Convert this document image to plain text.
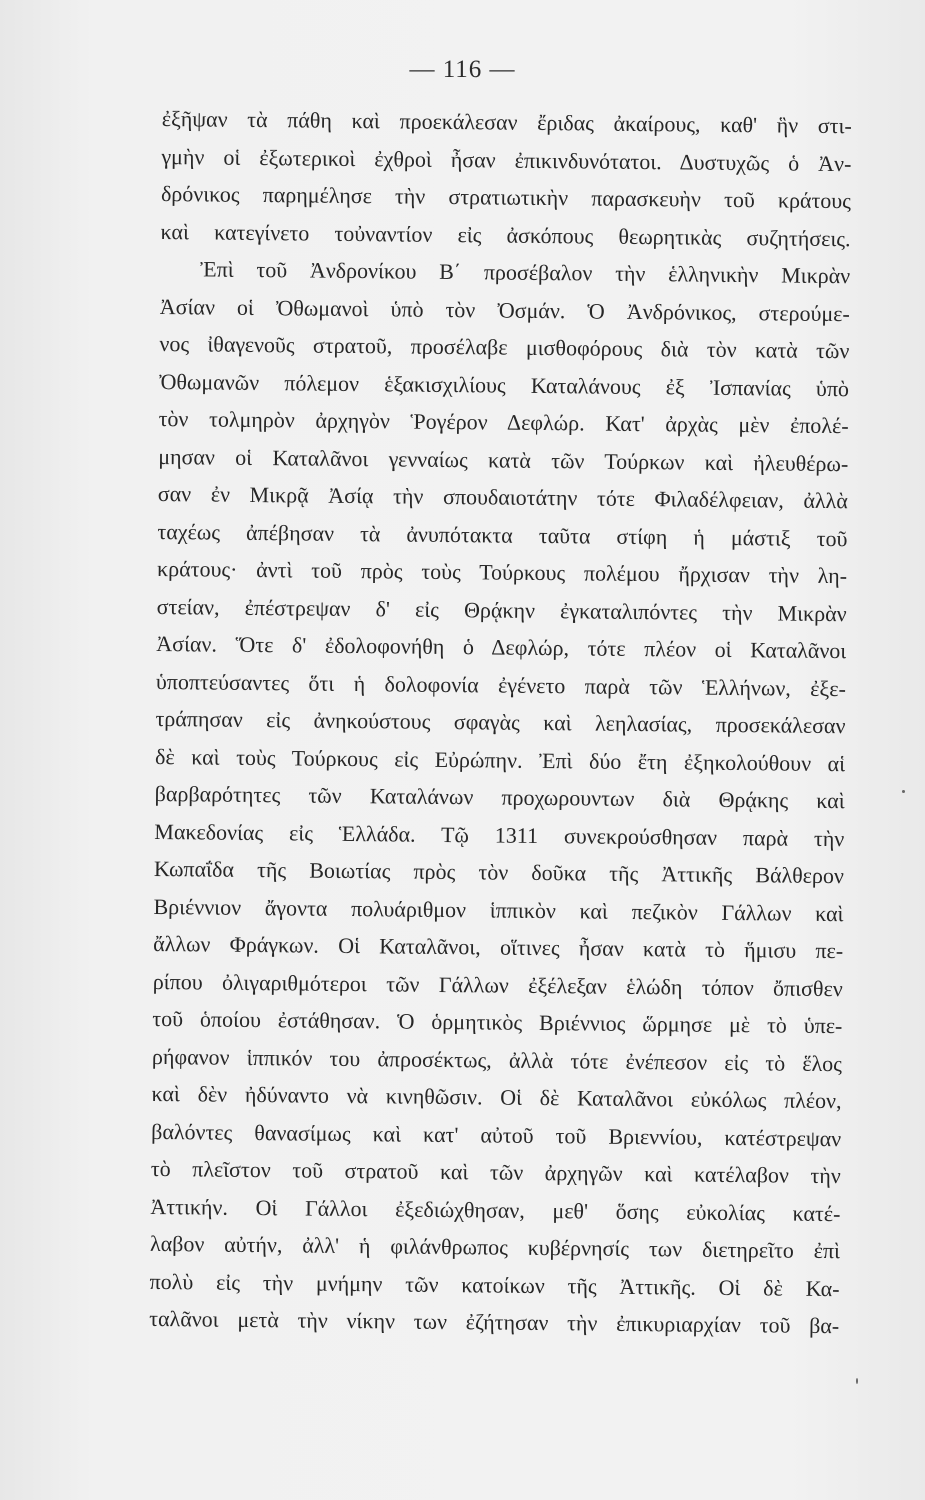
— 116 —
ἐξῆψαν τὰ πάθη καὶ προεκάλεσαν ἔριδας ἀκαίρους, καθ' ἣν στι-
γμὴν οἱ ἐξωτερικοὶ ἐχθροὶ ἦσαν ἐπικινδυνότατοι. Δυστυχῶς ὁ Ἀν-
δρόνικος παρημέλησε τὴν στρατιωτικὴν παρασκευὴν τοῦ κράτους
καὶ κατεγίνετο τοὐναντίον εἰς ἀσκόπους θεωρητικὰς συζητήσεις.
Ἐπὶ τοῦ Ἀνδρονίκου Β΄ προσέβαλον τὴν ἑλληνικὴν Μικρὰν
Ἀσίαν οἱ Ὀθωμανοὶ ὑπὸ τὸν Ὀσμάν. Ὁ Ἀνδρόνικος, στερούμε-
νος ἰθαγενοῦς στρατοῦ, προσέλαβε μισθοφόρους διὰ τὸν κατὰ τῶν
Ὀθωμανῶν πόλεμον ἑξακισχιλίους Καταλάνους ἐξ Ἰσπανίας ὑπὸ
τὸν τολμηρὸν ἀρχηγὸν Ῥογέρον Δεφλώρ. Κατ' ἀρχὰς μὲν ἐπολέ-
μησαν οἱ Καταλᾶνοι γενναίως κατὰ τῶν Τούρκων καὶ ἠλευθέρω-
σαν ἐν Μικρᾷ Ἀσίᾳ τὴν σπουδαιοτάτην τότε Φιλαδέλφειαν, ἀλλὰ
ταχέως ἀπέβησαν τὰ ἀνυπότακτα ταῦτα στίφη ἡ μάστιξ τοῦ
κράτους· ἀντὶ τοῦ πρὸς τοὺς Τούρκους πολέμου ἤρχισαν τὴν λη-
στείαν, ἐπέστρεψαν δ' εἰς Θρᾴκην ἐγκαταλιπόντες τὴν Μικρὰν
Ἀσίαν. Ὅτε δ' ἐδολοφονήθη ὁ Δεφλώρ, τότε πλέον οἱ Καταλᾶνοι
ὑποπτεύσαντες ὅτι ἡ δολοφονία ἐγένετο παρὰ τῶν Ἑλλήνων, ἐξε-
τράπησαν εἰς ἀνηκούστους σφαγὰς καὶ λεηλασίας, προσεκάλεσαν
δὲ καὶ τοὺς Τούρκους εἰς Εὐρώπην. Ἐπὶ δύο ἔτη ἐξηκολούθουν αἱ
βαρβαρότητες τῶν Καταλάνων προχωρουντων διὰ Θρᾴκης καὶ
Μακεδονίας εἰς Ἑλλάδα. Τῷ 1311 συνεκρούσθησαν παρὰ τὴν
Κωπαΐδα τῆς Βοιωτίας πρὸς τὸν δοῦκα τῆς Ἀττικῆς Βάλθερον
Βριέννιον ἄγοντα πολυάριθμον ἱππικὸν καὶ πεζικὸν Γάλλων καὶ
ἄλλων Φράγκων. Οἱ Καταλᾶνοι, οἵτινες ἦσαν κατὰ τὸ ἥμισυ πε-
ρίπου ὀλιγαριθμότεροι τῶν Γάλλων ἐξέλεξαν ἑλώδη τόπον ὄπισθεν
τοῦ ὁποίου ἐστάθησαν. Ὁ ὁρμητικὸς Βριέννιος ὥρμησε μὲ τὸ ὑπε-
ρήφανον ἱππικόν του ἀπροσέκτως, ἀλλὰ τότε ἐνέπεσον εἰς τὸ ἕλος
καὶ δὲν ἠδύναντο νὰ κινηθῶσιν. Οἱ δὲ Καταλᾶνοι εὐκόλως πλέον,
βαλόντες θανασίμως καὶ κατ' αὐτοῦ τοῦ Βριεννίου, κατέστρεψαν
τὸ πλεῖστον τοῦ στρατοῦ καὶ τῶν ἀρχηγῶν καὶ κατέλαβον τὴν
Ἀττικήν. Οἱ Γάλλοι ἐξεδιώχθησαν, μεθ' ὅσης εὐκολίας κατέ-
λαβον αὐτήν, ἀλλ' ἡ φιλάνθρωπος κυβέρνησίς των διετηρεῖτο ἐπὶ
πολὺ εἰς τὴν μνήμην τῶν κατοίκων τῆς Ἀττικῆς. Οἱ δὲ Κα-
ταλᾶνοι μετὰ τὴν νίκην των ἐζήτησαν τὴν ἐπικυριαρχίαν τοῦ βα-
